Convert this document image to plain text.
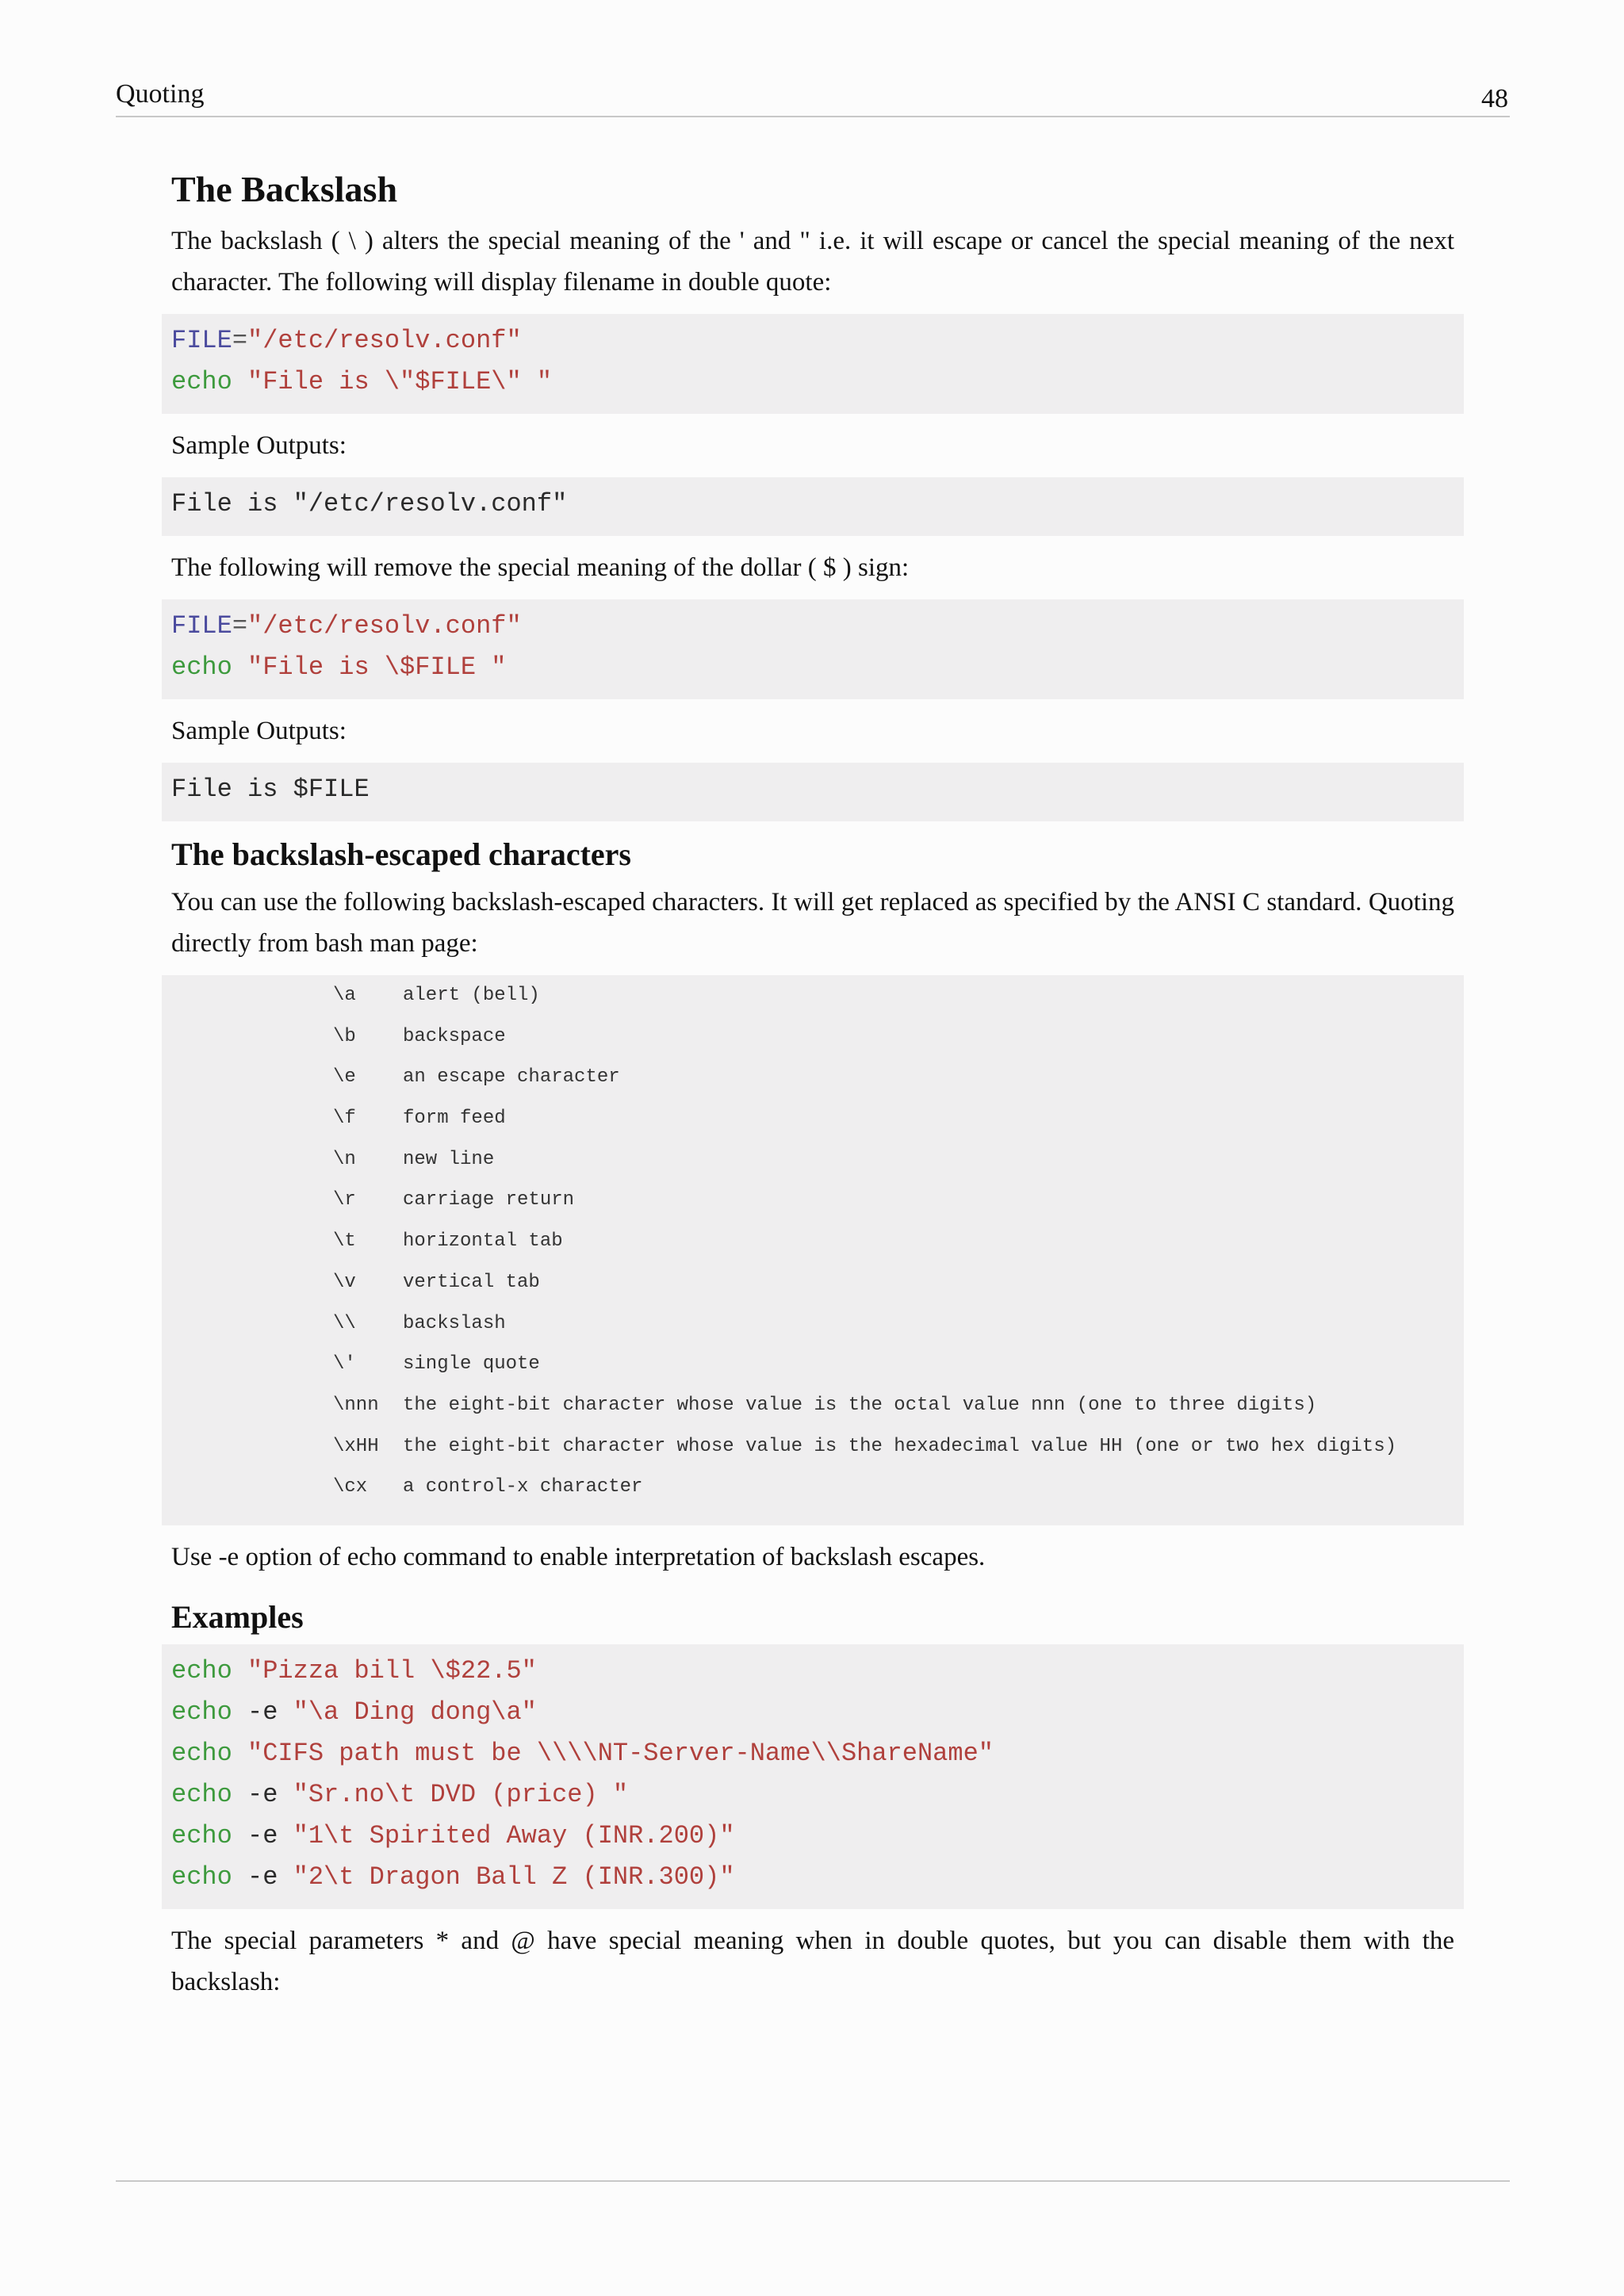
Quoting	48
The Backslash

The backslash ( \ ) alters the special meaning of the ' and " i.e. it will escape or cancel the special meaning of the next character. The following will display filename in double quote:

FILE="/etc/resolv.conf"
echo "File is \"$FILE\" "

Sample Outputs:

File is "/etc/resolv.conf"

The following will remove the special meaning of the dollar ( $ ) sign:

FILE="/etc/resolv.conf"
echo "File is \$FILE "

Sample Outputs:

File is $FILE
The backslash-escaped characters

You can use the following backslash-escaped characters. It will get replaced as specified by the ANSI C standard. Quoting directly from bash man page:

\a alert (bell)
\b backspace
\e an escape character
\f form feed
\n new line
\r carriage return
\t horizontal tab
\v vertical tab
\\ backslash
\' single quote
\nnn the eight-bit character whose value is the octal value nnn (one to three digits)
\xHH the eight-bit character whose value is the hexadecimal value HH (one or two hex digits)
\cx a control-x character

Use -e option of echo command to enable interpretation of backslash escapes.

Examples
echo "Pizza bill \$22.5"
echo -e "\a Ding dong\a"
echo "CIFS path must be \\\\NT-Server-Name\\ShareName"
echo -e "Sr.no\t DVD (price) "
echo -e "1\t Spirited Away (INR.200)"
echo -e "2\t Dragon Ball Z (INR.300)"

The special parameters * and @ have special meaning when in double quotes, but you can disable them with the backslash:
